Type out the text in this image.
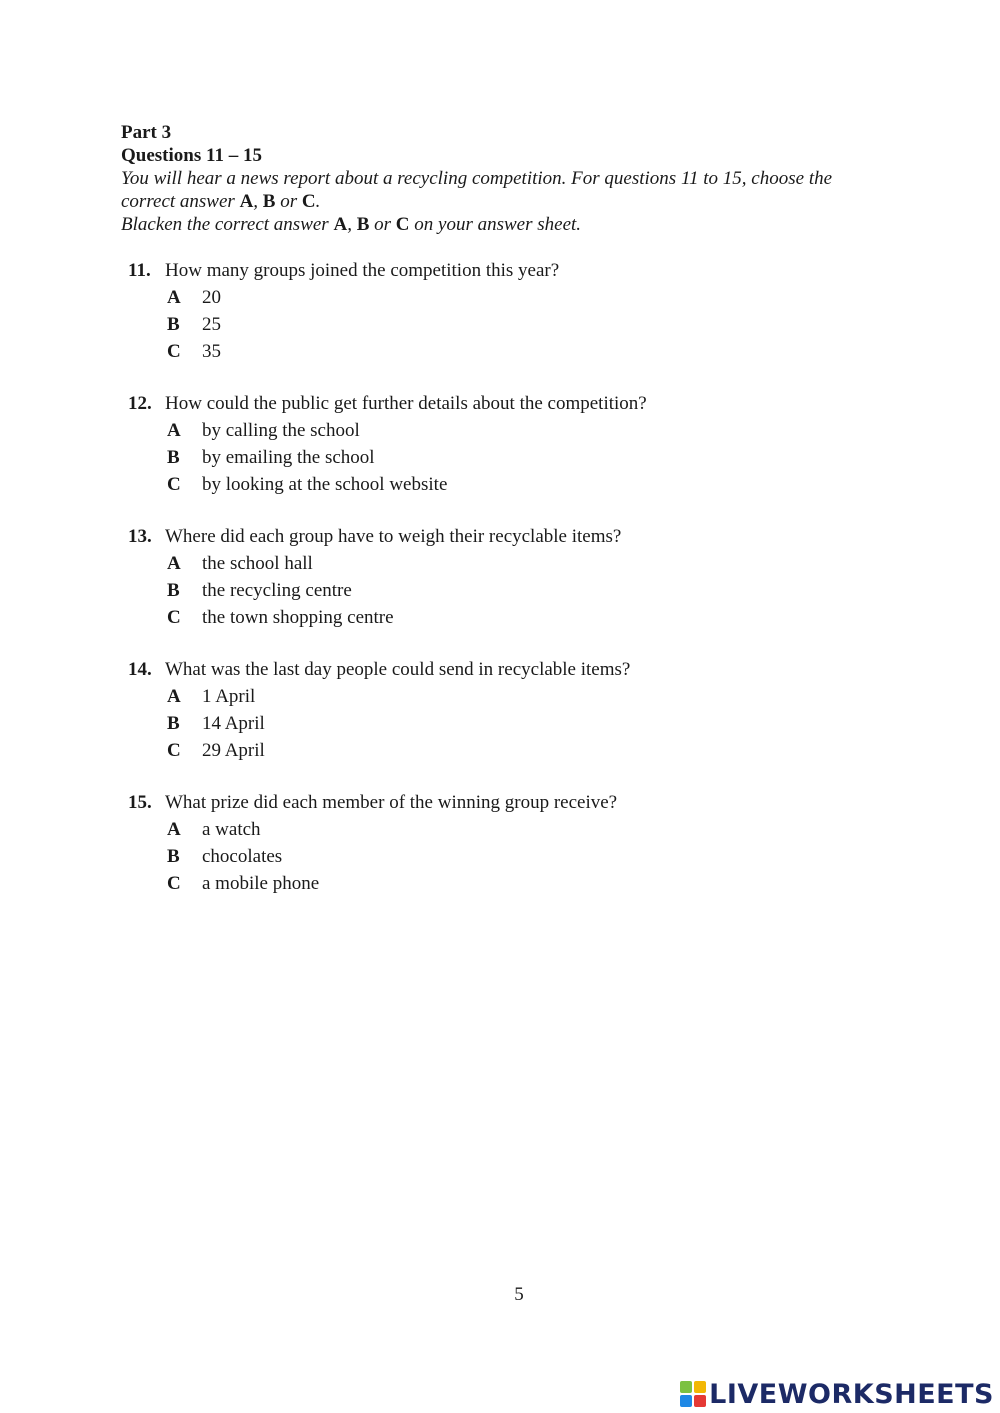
Part 3
Questions 11 – 15
You will hear a news report about a recycling competition. For questions 11 to 15, choose the correct answer A, B or C.
Blacken the correct answer A, B or C on your answer sheet.
11. How many groups joined the competition this year?
A 20
B 25
C 35
12. How could the public get further details about the competition?
A by calling the school
B by emailing the school
C by looking at the school website
13. Where did each group have to weigh their recyclable items?
A the school hall
B the recycling centre
C the town shopping centre
14. What was the last day people could send in recyclable items?
A 1 April
B 14 April
C 29 April
15. What prize did each member of the winning group receive?
A a watch
B chocolates
C a mobile phone
5
LIVEWORKSHEETS
